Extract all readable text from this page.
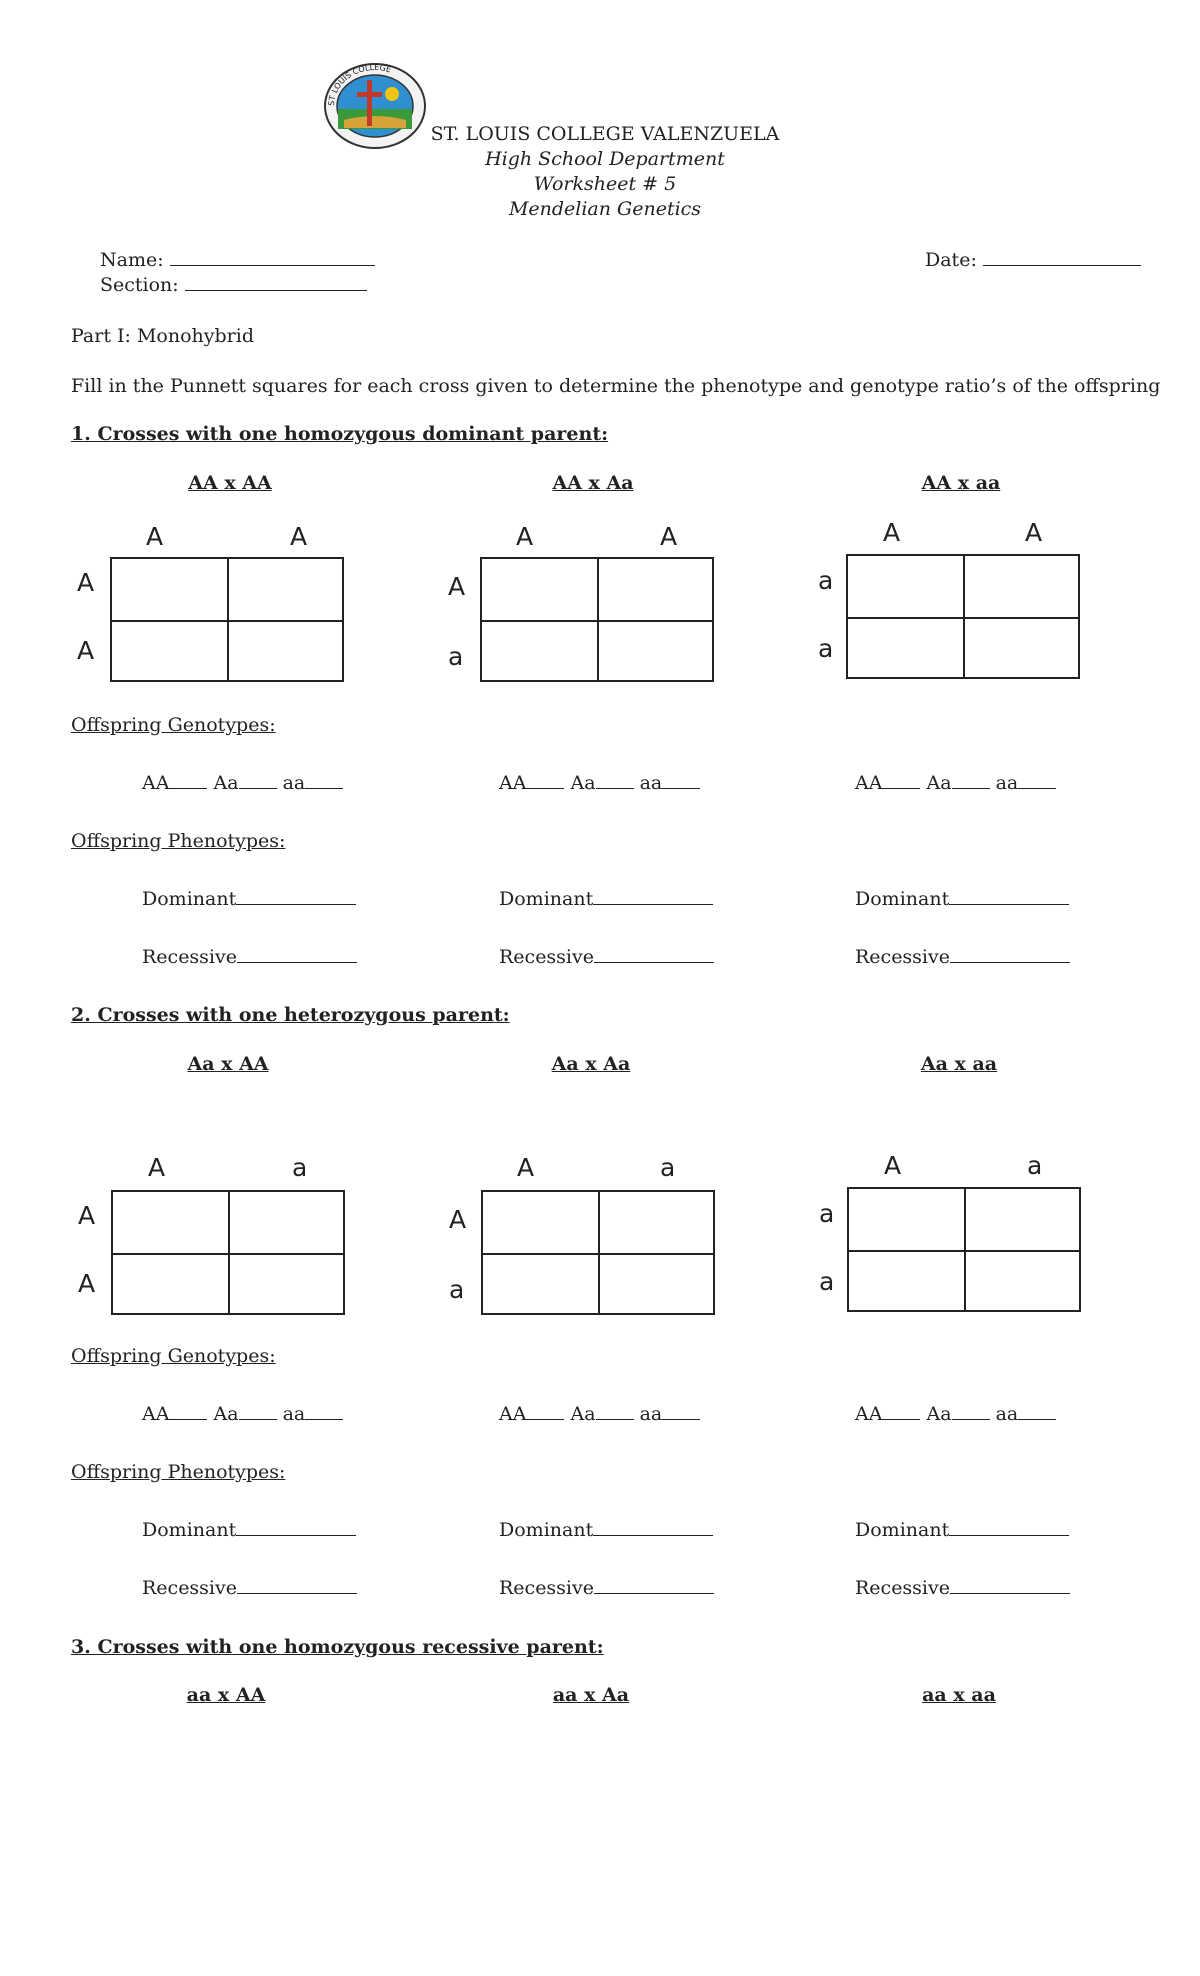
ST LOUIS COLLEGE
ST. LOUIS COLLEGE VALENZUELA
High School Department
Worksheet # 5
Mendelian Genetics
Name:
Section:
Date:
Part I: Monohybrid
Fill in the Punnett squares for each cross given to determine the phenotype and genotype ratio’s of the offspring
1. Crosses with one homozygous dominant parent:
AA x AA	AA x Aa	AA x aa
A	A
A
A
A	A
A
a
A	A
a
a
Offspring Genotypes:
AA Aa aa	AA Aa aa	AA Aa aa
Offspring Phenotypes:
Dominant	Dominant	Dominant
Recessive	Recessive	Recessive
2. Crosses with one heterozygous parent:
Aa x AA	Aa x Aa	Aa x aa
A	a
A
A
A	a
A
a
A	a
a
a
Offspring Genotypes:
AA Aa aa	AA Aa aa	AA Aa aa
Offspring Phenotypes:
Dominant	Dominant	Dominant
Recessive	Recessive	Recessive
3. Crosses with one homozygous recessive parent:
aa x AA	aa x Aa	aa x aa
